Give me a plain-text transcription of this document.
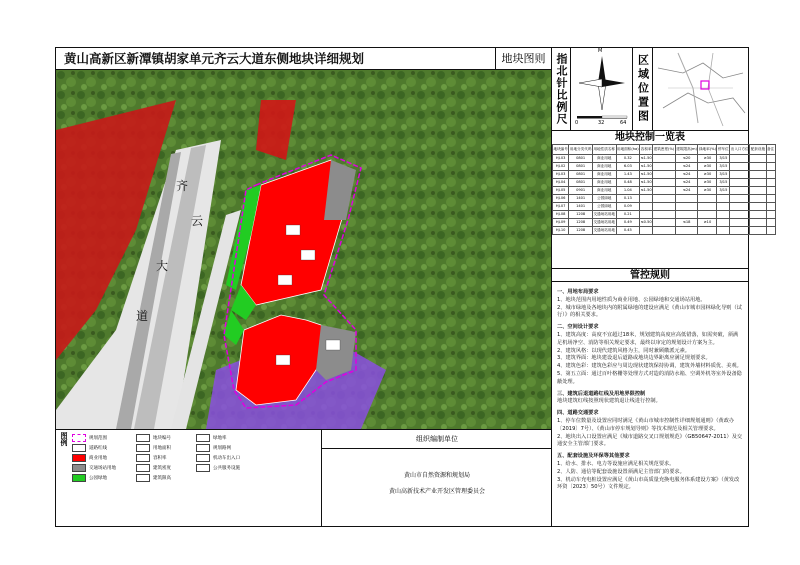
黄山高新区新潭镇胡家单元齐云大道东侧地块详细规划	地块图则
齐
云
大
道
图例	规划范围
道路红线
商业用地
交通场站用地
公园绿地
地块编号
用地面积
容积率
建筑密度
建筑限高
绿地率
规划路网
机动车出入口
公共服务设施
组织编制单位
黄山市自然资源和规划局
黄山高新技术产业开发区管理委员会
指北针比例尺	0	32	64
M
区域位置图
地块控制一览表
地块编号	用地分类代码	用地性质名称	用地面积(ha)	容积率	建筑密度(%)	建筑限高(m)	绿地率(%)	停车位	出入口方位	配套设施	备注
HJ-03	0801	商业用地	0.32	≤1.50		≤20	≥30	3/15			
HJ-02	0801	商业用地	6.03	≤1.50		≤24	≥30	3/15			
HJ-03	0801	商业用地	1.43	≤1.50		≤24	≥30	3/15			
HJ-04	0801	商业用地	0.48	≤1.50		≤24	≥30	3/15			
HJ-05	0901	商业用地	1.04	≤1.50		≤24	≥30	3/15			
HJ-06	1401	公园绿地	0.13								
HJ-07	1401	公园绿地	0.09								
HJ-08	1208	交通场站用地	0.21								
HJ-09	1208	交通场站用地	0.49	≤0.50		≤18	≥10				
HJ-10	1208	交通场站用地	0.45								
管控规则
一、用地布局要求
1、地块范围内用地性质为商业用地、公园绿地和交通场站用地。
2、城市绿地及各地块内的附属绿地的建设应满足《黄山市城市园林绿化导则（试行）》的相关要求。
二、空间设计要求
1、建筑高度：高度不宜超过18米，规划建筑高度应高低错落，如需突破，须满足机场净空、消防等相关规定要求，最终以审定的规划设计方案为主。
2、建筑风格：以现代建筑风格为主，同时兼顾徽派元素。
3、建筑界面：地块建设退后道路或地块边界距离应满足规划要求。
4、建筑色彩：建筑色彩应与周边现状建筑保持协调，建筑外墙材料质优、美观。
5、第五立面：通过百叶格栅等处理方式对造的消防水箱、空调外机等室外设备隐蔽处理。
三、建筑后退道路红线及用地界限控制
地块建筑红线按照现状建筑退让线进行控制。
四、道路交通要求
1、停车位数量及设置应同时满足《黄山市城市控制性详细规划通则》（黄政办〔2019〕7号）、《黄山市停车规划导则》等技术规范及相关管理要求。
2、地块出入口设置应满足《城市道路交叉口规划规范》（GB50647-2011）及交通安全主管部门要求。
五、配套设施及环保等其他要求
1、给水、排水、电力等设施应满足相关规范要求。
2、人防、通信等配套设施设置须满足主管部门的要求。
3、机动车充电桩设置应满足《黄山市高质量充换电服务体系建设方案》（黄发改环资〔2023〕50号）文件规定。
